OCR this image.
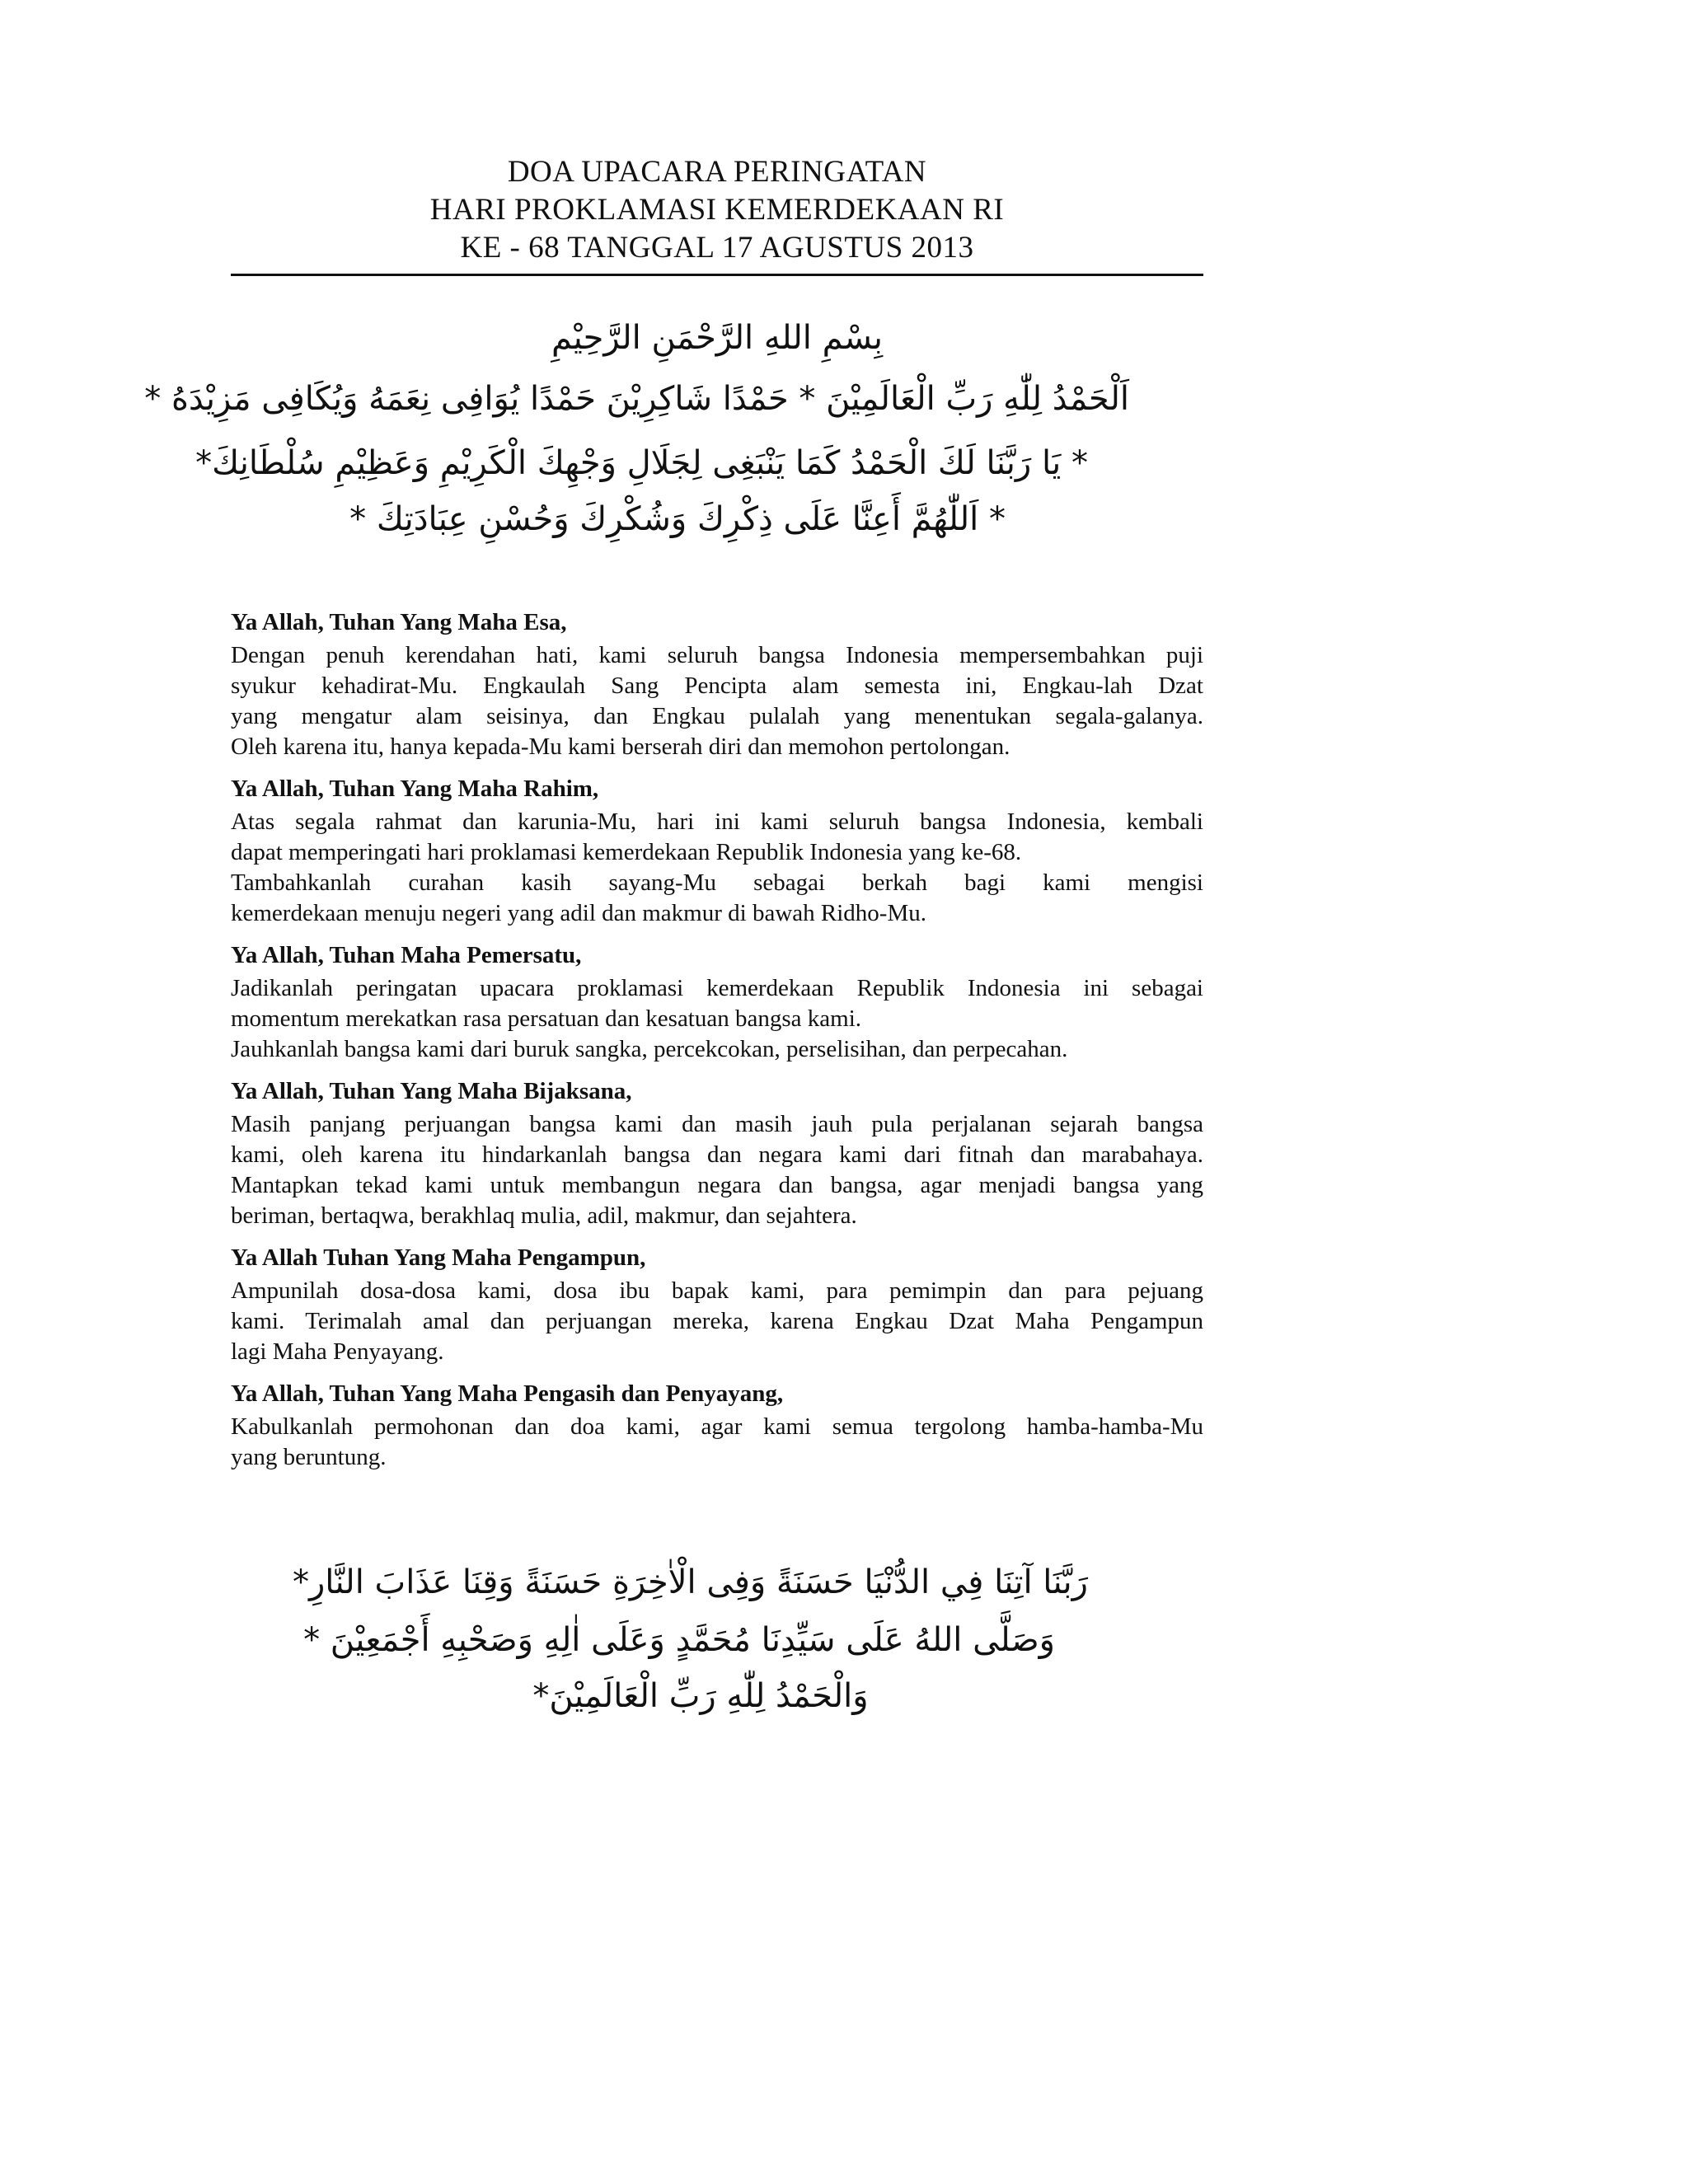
DOA UPACARA PERINGATAN
HARI PROKLAMASI KEMERDEKAAN RI
KE - 68 TANGGAL 17 AGUSTUS 2013
بِسْمِ اللهِ الرَّحْمَنِ الرَّحِيْمِ
اَلْحَمْدُ لِلّٰهِ رَبِّ الْعَالَمِيْنَ * حَمْدًا شَاكِرِيْنَ حَمْدًا يُوَافِى نِعَمَهُ وَيُكَافِى مَزِيْدَهُ *
* يَا رَبَّنَا لَكَ الْحَمْدُ كَمَا يَنْبَغِى لِجَلَالِ وَجْهِكَ الْكَرِيْمِ وَعَظِيْمِ سُلْطَانِكَ*
* اَللّٰهُمَّ أَعِنَّا عَلَى ذِكْرِكَ وَشُكْرِكَ وَحُسْنِ عِبَادَتِكَ *
Ya Allah, Tuhan Yang Maha Esa,
Dengan penuh kerendahan hati, kami seluruh bangsa Indonesia mempersembahkan puji
syukur kehadirat-Mu. Engkaulah Sang Pencipta alam semesta ini, Engkau-lah Dzat
yang mengatur alam seisinya, dan Engkau pulalah yang menentukan segala-galanya.
Oleh karena itu, hanya kepada-Mu kami berserah diri dan memohon pertolongan.
Ya Allah, Tuhan Yang Maha Rahim,
Atas segala rahmat dan karunia-Mu, hari ini kami seluruh bangsa Indonesia, kembali
dapat memperingati hari proklamasi kemerdekaan Republik Indonesia yang ke-68.
Tambahkanlah curahan kasih sayang-Mu sebagai berkah bagi kami mengisi
kemerdekaan menuju negeri yang adil dan makmur di bawah Ridho-Mu.
Ya Allah, Tuhan Maha Pemersatu,
Jadikanlah peringatan upacara proklamasi kemerdekaan Republik Indonesia ini sebagai
momentum merekatkan rasa persatuan dan kesatuan bangsa kami.
Jauhkanlah bangsa kami dari buruk sangka, percekcokan, perselisihan, dan perpecahan.
Ya Allah, Tuhan Yang Maha Bijaksana,
Masih panjang perjuangan bangsa kami dan masih jauh pula perjalanan sejarah bangsa
kami, oleh karena itu hindarkanlah bangsa dan negara kami dari fitnah dan marabahaya.
Mantapkan tekad kami untuk membangun negara dan bangsa, agar menjadi bangsa yang
beriman, bertaqwa, berakhlaq mulia, adil, makmur, dan sejahtera.
Ya Allah Tuhan Yang Maha Pengampun,
Ampunilah dosa-dosa kami, dosa ibu bapak kami, para pemimpin dan para pejuang
kami. Terimalah amal dan perjuangan mereka, karena Engkau Dzat Maha Pengampun
lagi Maha Penyayang.
Ya Allah, Tuhan Yang Maha Pengasih dan Penyayang,
Kabulkanlah permohonan dan doa kami, agar kami semua tergolong hamba-hamba-Mu
yang beruntung.
رَبَّنَا آتِنَا فِي الدُّنْيَا حَسَنَةً وَفِى الْاٰخِرَةِ حَسَنَةً وَقِنَا عَذَابَ النَّارِ*
وَصَلَّى اللهُ عَلَى سَيِّدِنَا مُحَمَّدٍ وَعَلَى اٰلِهِ وَصَحْبِهِ أَجْمَعِيْنَ *
وَالْحَمْدُ لِلّٰهِ رَبِّ الْعَالَمِيْنَ*
